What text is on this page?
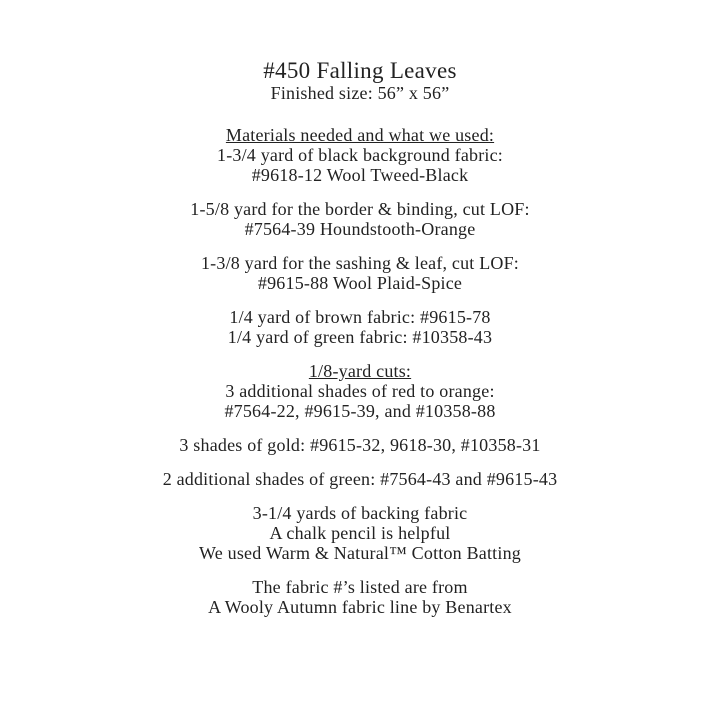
#450 Falling Leaves
Finished size: 56” x 56”
Materials needed and what we used:
1-3/4 yard of black background fabric:
#9618-12 Wool Tweed-Black
1-5/8 yard for the border & binding, cut LOF:
#7564-39 Houndstooth-Orange
1-3/8 yard for the sashing & leaf, cut LOF:
#9615-88 Wool Plaid-Spice
1/4 yard of brown fabric: #9615-78
1/4 yard of green fabric: #10358-43
1/8-yard cuts:
3 additional shades of red to orange:
#7564-22, #9615-39, and #10358-88
3 shades of gold: #9615-32, 9618-30, #10358-31
2 additional shades of green: #7564-43 and #9615-43
3-1/4 yards of backing fabric
A chalk pencil is helpful
We used Warm & Natural™ Cotton Batting
The fabric #’s listed are from
A Wooly Autumn fabric line by Benartex
